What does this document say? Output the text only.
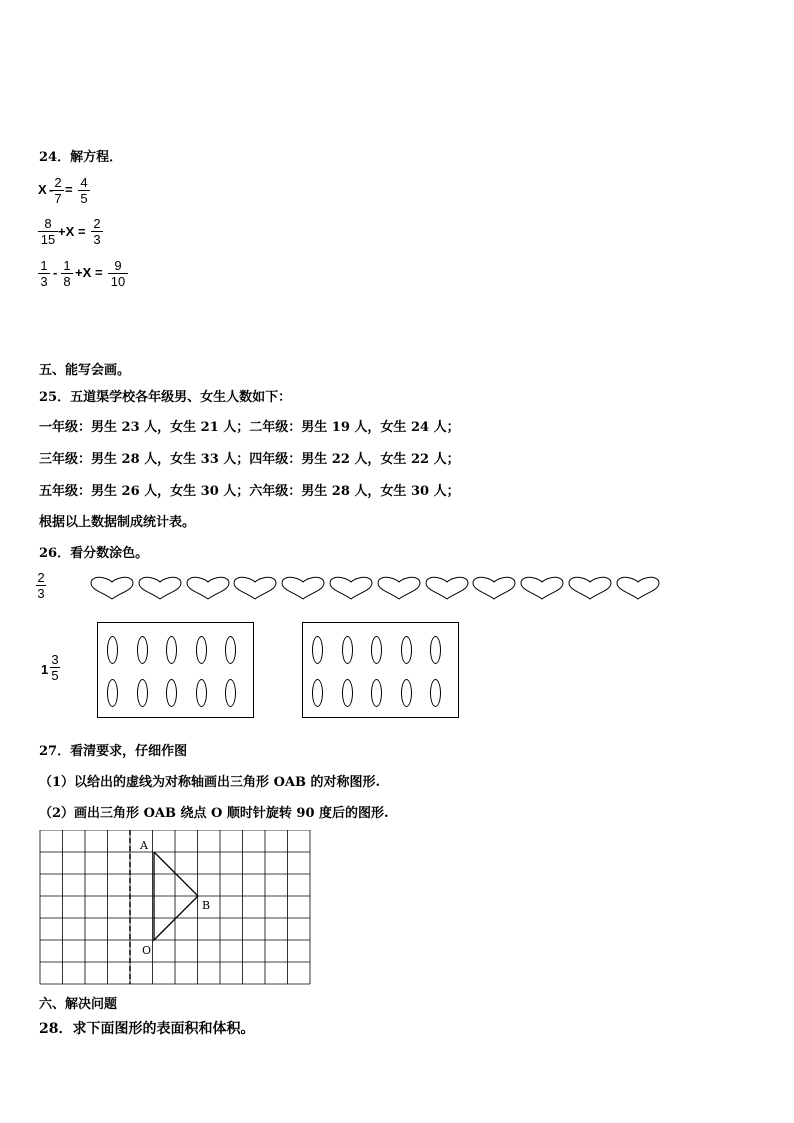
24．解方程．
X - 2
7
= 4
5
8
15
+X =
2
3
1
3
- 1
8
+X = 9
10
五、能写会画。
25．五道渠学校各年级男、女生人数如下：
一年级：男生 23 人，女生 21 人；二年级：男生 19 人，女生 24 人；
三年级：男生 28 人，女生 33 人；四年级：男生 22 人，女生 22 人；
五年级：男生 26 人，女生 30 人；六年级：男生 28 人，女生 30 人；
根据以上数据制成统计表。
26．看分数涂色。
2
3
1
3
5
27．看清要求，仔细作图
（1）以给出的虚线为对称轴画出三角形 OAB 的对称图形.
（2）画出三角形 OAB 绕点 O 顺时针旋转 90 度后的图形.
A
B
O
六、解决问题
28．求下面图形的表面积和体积。
